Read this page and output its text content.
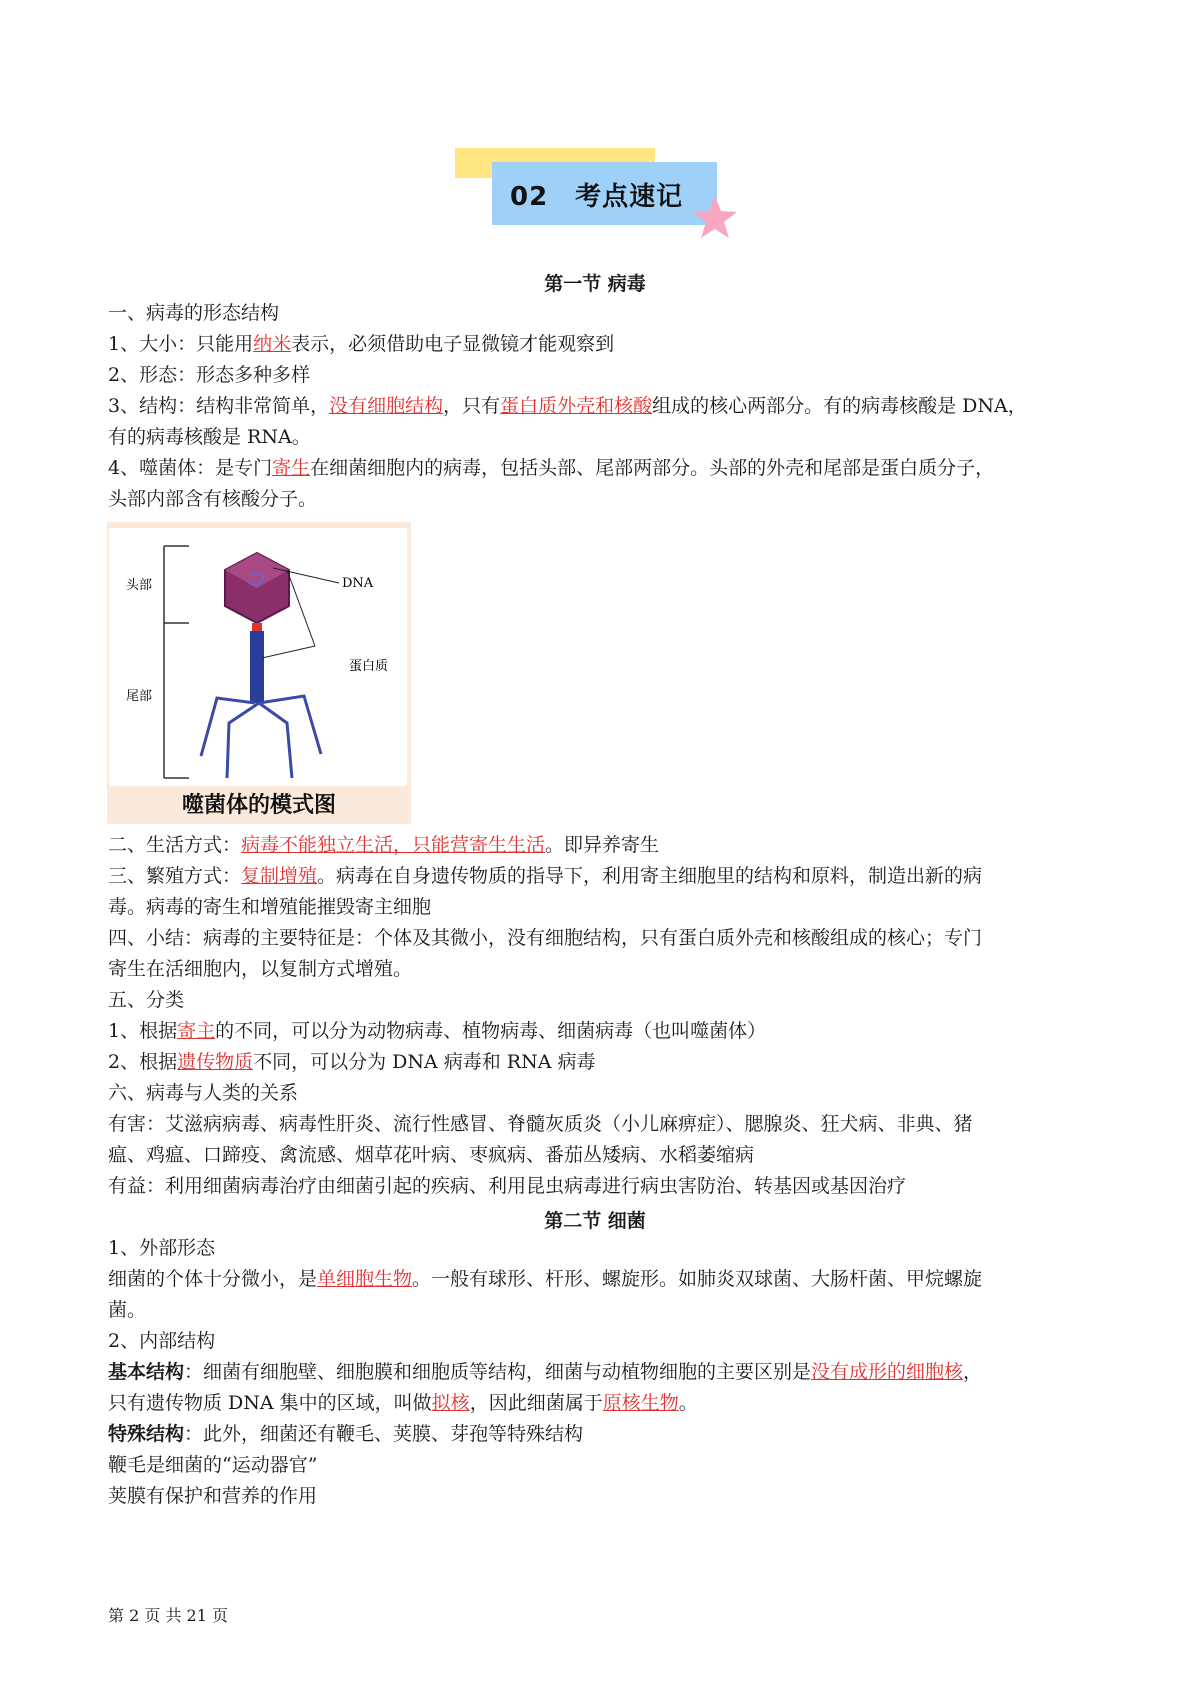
02　考点速记
第一节 病毒
一、病毒的形态结构
1、大小：只能用纳米表示，必须借助电子显微镜才能观察到
2、形态：形态多种多样
3、结构：结构非常简单，没有细胞结构，只有蛋白质外壳和核酸组成的核心两部分。有的病毒核酸是 DNA，
有的病毒核酸是 RNA。
4、噬菌体：是专门寄生在细菌细胞内的病毒，包括头部、尾部两部分。头部的外壳和尾部是蛋白质分子，
头部内部含有核酸分子。
头部
尾部
DNA
蛋白质
噬菌体的模式图
二、生活方式：病毒不能独立生活，只能营寄生生活。即异养寄生
三、繁殖方式：复制增殖。病毒在自身遗传物质的指导下，利用寄主细胞里的结构和原料，制造出新的病
毒。病毒的寄生和增殖能摧毁寄主细胞
四、小结：病毒的主要特征是：个体及其微小，没有细胞结构，只有蛋白质外壳和核酸组成的核心；专门
寄生在活细胞内，以复制方式增殖。
五、分类
1、根据寄主的不同，可以分为动物病毒、植物病毒、细菌病毒（也叫噬菌体）
2、根据遗传物质不同，可以分为 DNA 病毒和 RNA 病毒
六、病毒与人类的关系
有害：艾滋病病毒、病毒性肝炎、流行性感冒、脊髓灰质炎（小儿麻痹症）、腮腺炎、狂犬病、非典、猪
瘟、鸡瘟、口蹄疫、禽流感、烟草花叶病、枣疯病、番茄丛矮病、水稻萎缩病
有益：利用细菌病毒治疗由细菌引起的疾病、利用昆虫病毒进行病虫害防治、转基因或基因治疗
第二节 细菌
1、外部形态
细菌的个体十分微小，是单细胞生物。一般有球形、杆形、螺旋形。如肺炎双球菌、大肠杆菌、甲烷螺旋
菌。
2、内部结构
基本结构：细菌有细胞壁、细胞膜和细胞质等结构，细菌与动植物细胞的主要区别是没有成形的细胞核，
只有遗传物质 DNA 集中的区域，叫做拟核，因此细菌属于原核生物。
特殊结构：此外，细菌还有鞭毛、荚膜、芽孢等特殊结构
鞭毛是细菌的“运动器官”
荚膜有保护和营养的作用
第 2 页 共 21 页
